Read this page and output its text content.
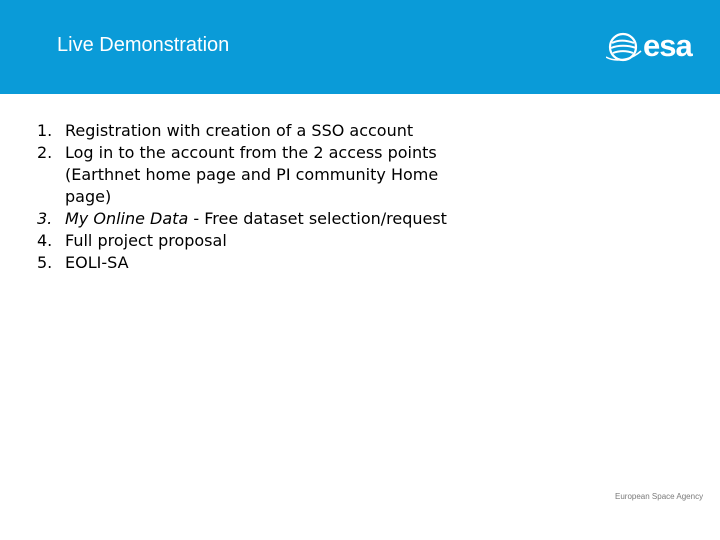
Live Demonstration	esa
1. Registration with creation of a SSO account
2. Log in to the account from the 2 access points
(Earthnet home page and PI community Home
page)
3. My Online Data - Free dataset selection/request
4. Full project proposal
5. EOLI-SA
European Space Agency
